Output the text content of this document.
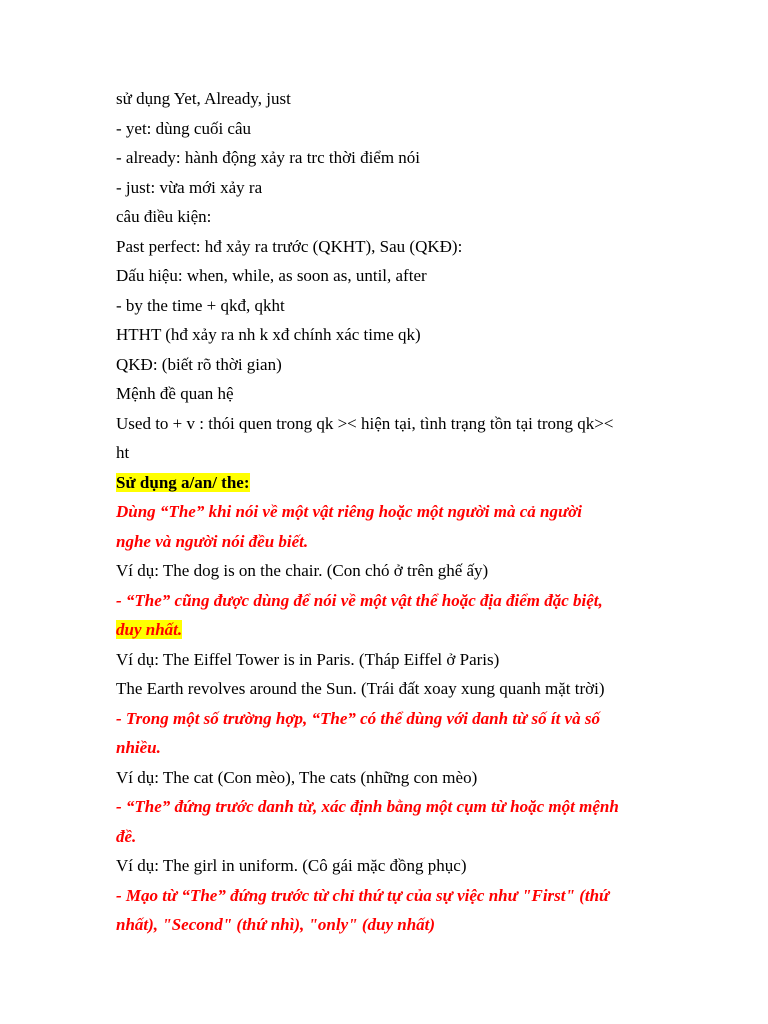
sử dụng Yet, Already, just
- yet: dùng cuối câu
- already: hành động xảy ra trc thời điểm nói
- just: vừa mới xảy ra
câu điều kiện:
Past perfect: hđ xảy ra trước (QKHT), Sau (QKĐ):
Dấu hiệu: when, while, as soon as, until, after
- by the time + qkđ, qkht
HTHT (hđ xảy ra nh k xđ chính xác time qk)
QKĐ: (biết rõ thời gian)
Mệnh đề quan hệ
Used to + v : thói quen trong qk >< hiện tại, tình trạng tồn tại trong qk><
ht
Sử dụng a/an/ the:
Dùng “The” khi nói về một vật riêng hoặc một người mà cả người
nghe và người nói đều biết.
Ví dụ: The dog is on the chair. (Con chó ở trên ghế ấy)
- “The” cũng được dùng để nói về một vật thể hoặc địa điểm đặc biệt,
duy nhất.
Ví dụ: The Eiffel Tower is in Paris. (Tháp Eiffel ở Paris)
The Earth revolves around the Sun. (Trái đất xoay xung quanh mặt trời)
- Trong một số trường hợp, “The” có thể dùng với danh từ số ít và số
nhiều.
Ví dụ: The cat (Con mèo), The cats (những con mèo)
- “The” đứng trước danh từ, xác định bằng một cụm từ hoặc một mệnh
đề.
Ví dụ: The girl in uniform. (Cô gái mặc đồng phục)
- Mạo từ “The” đứng trước từ chỉ thứ tự của sự việc như "First" (thứ
nhất), "Second" (thứ nhì), "only" (duy nhất)
